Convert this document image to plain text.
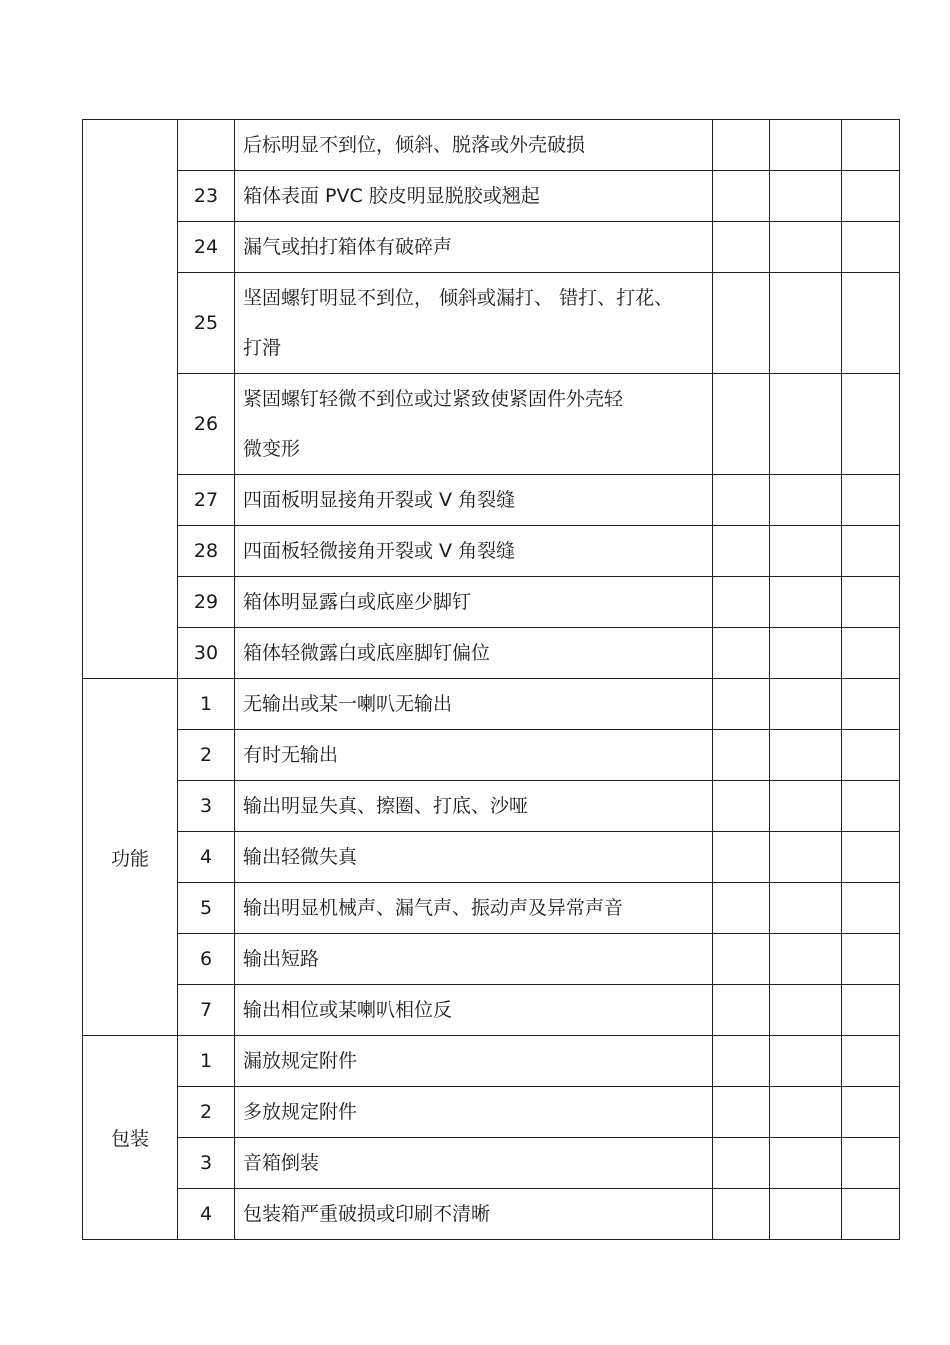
		后标明显不到位，倾斜、脱落或外壳破损			
	23	箱体表面 PVC 胶皮明显脱胶或翘起			
	24	漏气或拍打箱体有破碎声			
	25	坚固螺钉明显不到位， 倾斜或漏打、 错打、打花、
打滑			

	26	紧固螺钉轻微不到位或过紧致使紧固件外壳轻
微变形			

	27	四面板明显接角开裂或 V 角裂缝			
	28	四面板轻微接角开裂或 V 角裂缝			
	29	箱体明显露白或底座少脚钉			
	30	箱体轻微露白或底座脚钉偏位			
功能	1	无输出或某一喇叭无输出			
	2	有时无输出			
	3	输出明显失真、擦圈、打底、沙哑			
	4	输出轻微失真			
	5	输出明显机械声、漏气声、振动声及异常声音			
	6	输出短路			
	7	输出相位或某喇叭相位反			
包装	1	漏放规定附件			
	2	多放规定附件			
	3	音箱倒装			
	4	包装箱严重破损或印刷不清晰			
